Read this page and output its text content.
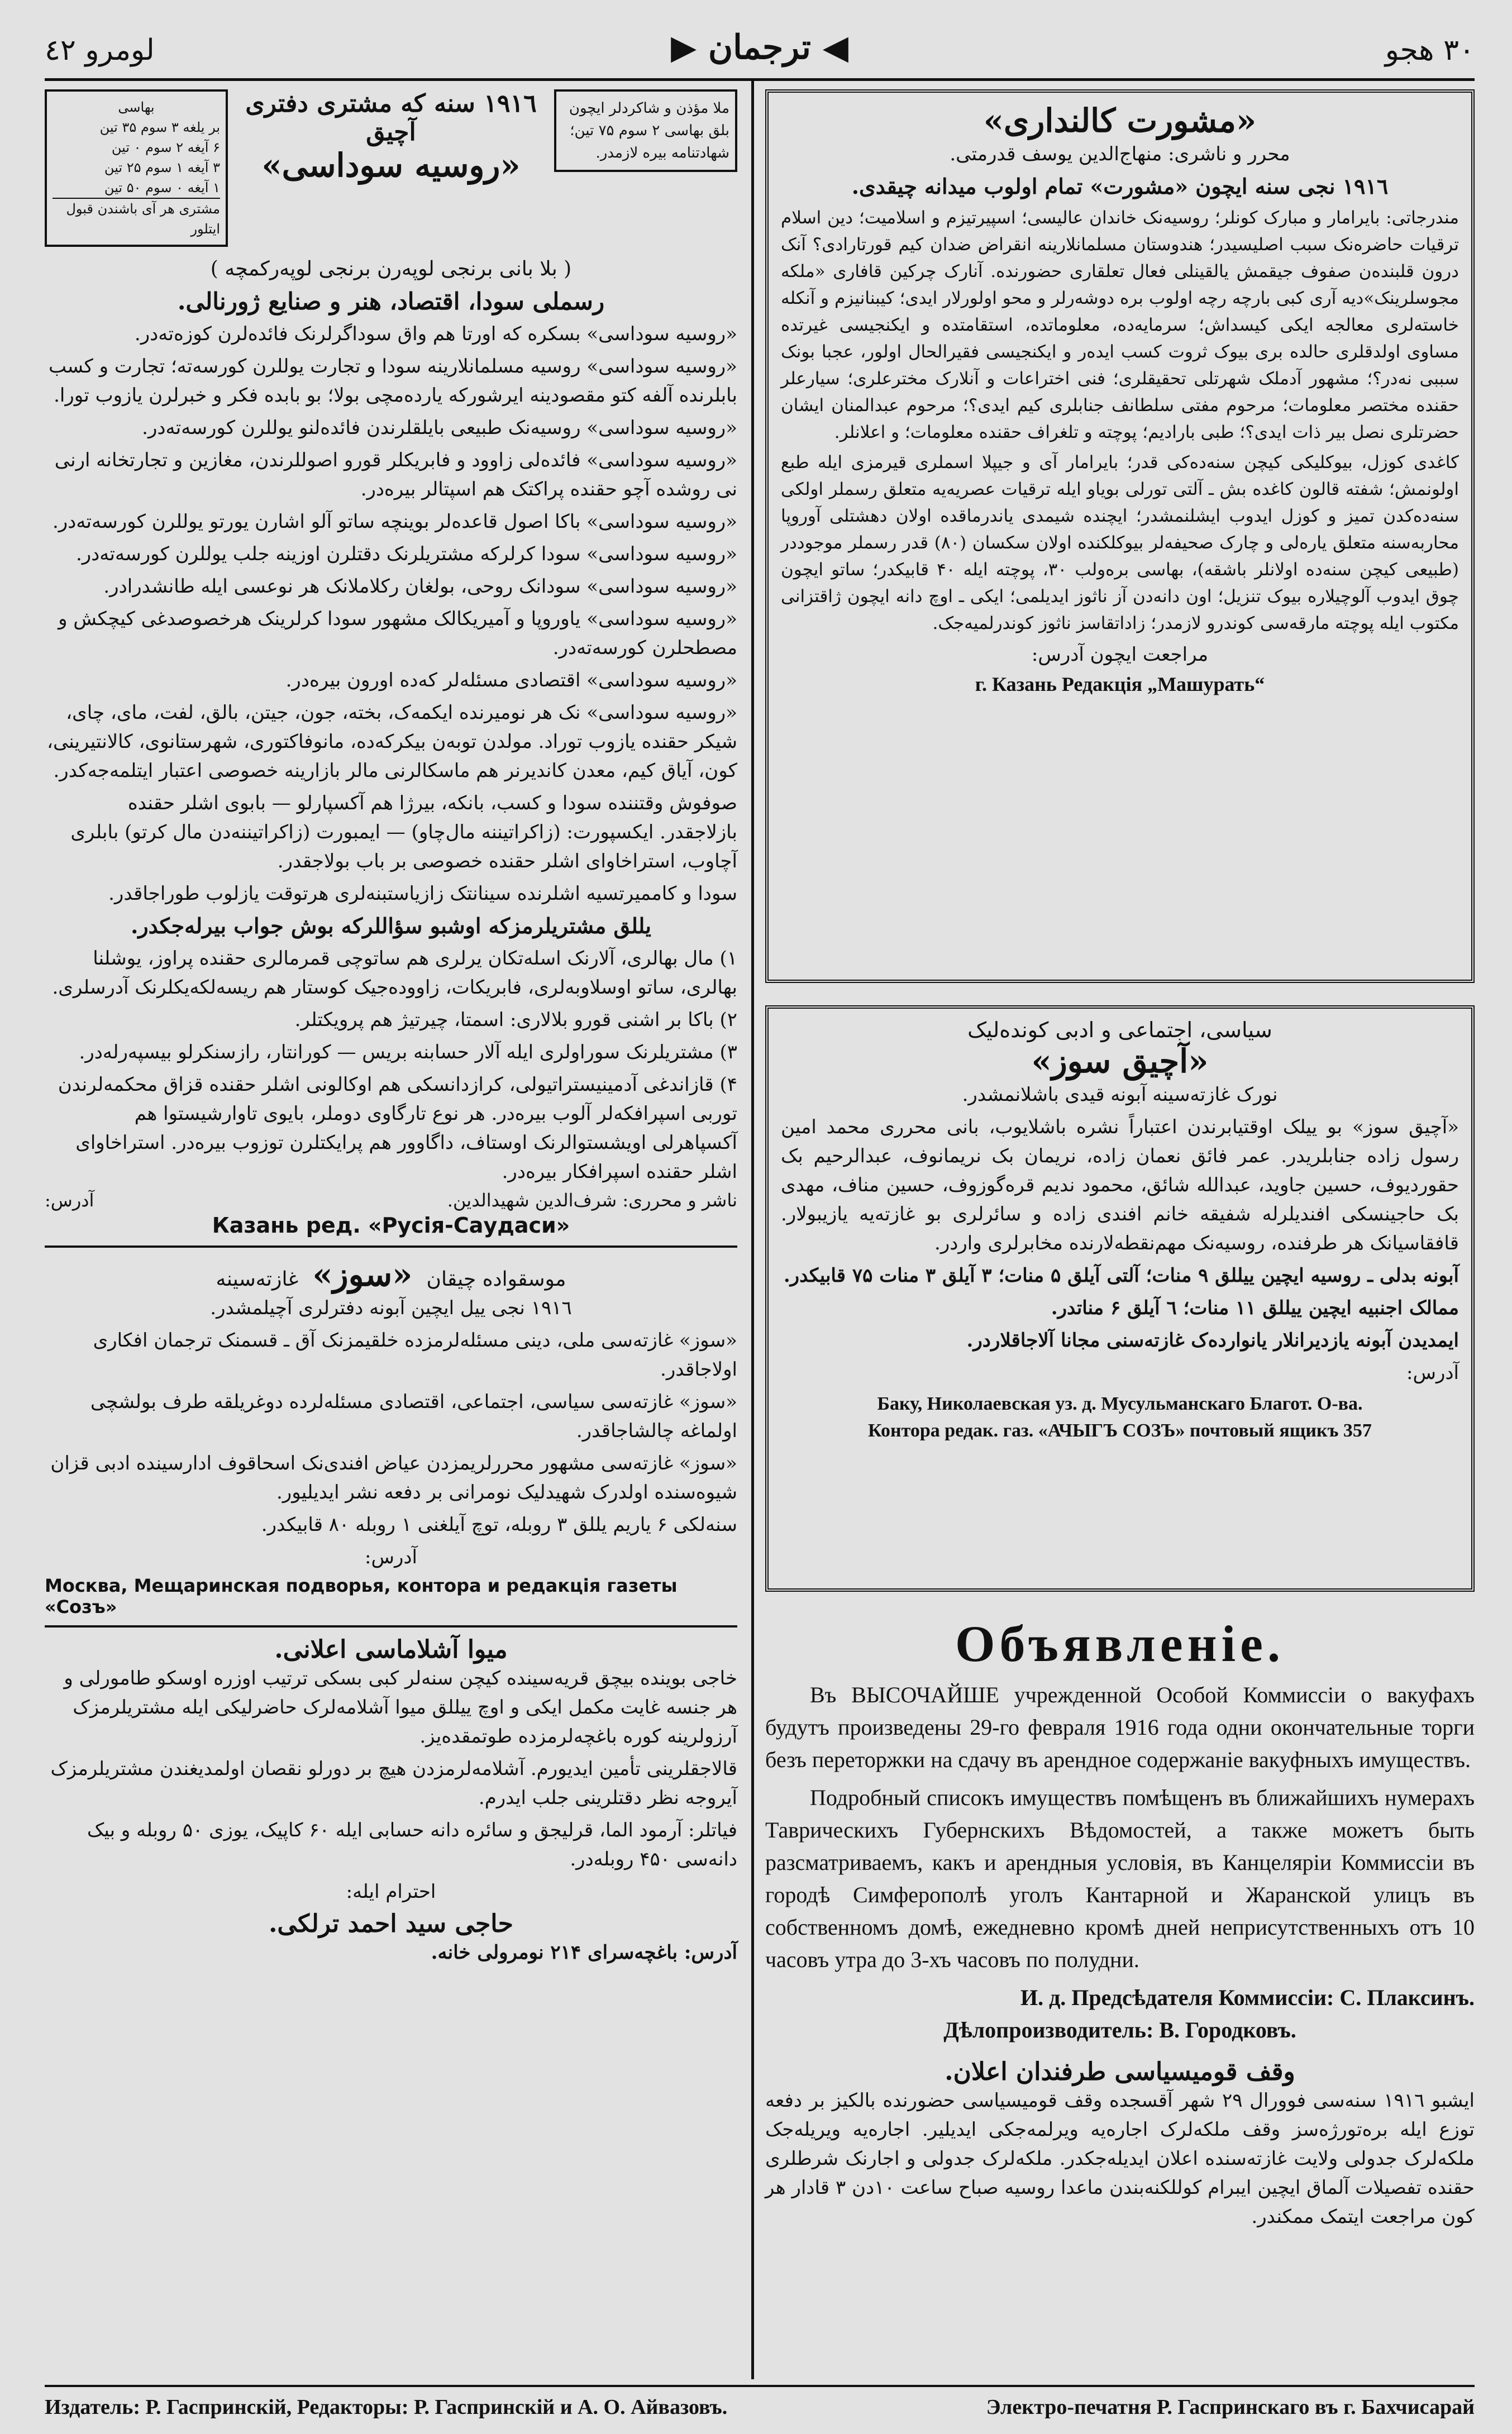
لومرو ٤٢	◀ ترجمان ▶	۳۰ هجو
ملا مؤذن و شاکردلر ایچون بلق بهاسی ۲ سوم ۷۵ تین؛ شهادتنامه بیره لازمدر.
۱۹۱٦ سنه که مشتری دفتری
آچیق
«روسیه سوداسی»
بهاسی
بر یلغه ۳ سوم ۳۵ تین
۶ آیغه ۲ سوم ۰ تین
۳ آیغه ۱ سوم ۲۵ تین
۱ آیغه ۰ سوم ۵۰ تین
مشتری هر آی باشندن قبول ایتلور
( بلا بانی برنجی لوپه‌رن برنجی لوپه‌رکمچه )
رسملی سودا، اقتصاد، هنر و صنایع ژورنالی.

«روسیه سوداسی» بسکره که اورتا هم واق سوداگرلرنک فائده‌لرن کوزه‌ته‌در.

«روسیه سوداسی» روسیه مسلمانلارینه سودا و تجارت یوللرن کورسه‌ته؛ تجارت و کسب بابلرنده آلفه کتو مقصودینه ایرشورکه یارده‌مچی بولا؛ بو بابده فکر و خبرلرن یازوب تورا.

«روسیه سوداسی» روسیه‌نک طبیعی بایلقلرندن فائده‌لنو یوللرن کورسه‌ته‌در.

«روسیه سوداسی» فائده‌لی زاوود و فابریکلر قورو اصوللرندن، مغازین و تجارتخانه ارنی نی روشده آچو حقنده پراکتک هم اسپتالر بیره‌در.

«روسیه سوداسی» باکا اصول قاعده‌لر بوینچه ساتو آلو اشارن یورتو یوللرن کورسه‌ته‌در.

«روسیه سوداسی» سودا کرلرکه مشتریلرنک دقتلرن اوزینه جلب یوللرن کورسه‌ته‌در.

«روسیه سوداسی» سودانک روحی، بولغان رکلاملانک هر نوعسی ایله طانشدرادر.

«روسیه سوداسی» یاوروپا و آمیریکالک مشهور سودا کرلرینک هرخصوصدغی کیچکش و مصطحلرن کورسه‌ته‌در.

«روسیه سوداسی» اقتصادی مسئله‌لر که‌ده اورون بیره‌در.

«روسیه سوداسی» نک هر نومیرنده ایکمه‌ک، بخته، جون، جیتن، بالق، لفت، مای، چای، شیکر حقنده یازوب توراد. مولدن توبه‌ن بیکرکه‌ده، مانوفاکتوری، شهرستانوی، کالانتیرینی، کون، آیاق کیم، معدن کاندیرنر هم ماسکالرنی مالر بازارینه خصوصی اعتبار ایتلمه‌جه‌کدر.

صوفوش وقتننده سودا و کسب، بانکه، بیرژا هم آکسپارلو — بابوی اشلر حقنده بازلاجقدر. ایکسپورت: (زاکراتیننه مال‌چاو) — ایمبورت (زاکراتیننه‌دن مال کرتو) بابلری آچاوب، استراخاوای اشلر حقنده خصوصی بر باب بولاجقدر.

سودا و کاممیرتسیه اشلرنده سینانتک زازیاستبنه‌لری هرتوقت یازلوب طوراجاقدر.

یللق مشتریلرمزکه اوشبو سؤاللرکه بوش جواب بیرله‌جکدر.

۱) مال بهالری، آلارنک اسله‌تکان یرلری هم ساتوچی قمرمالری حقنده پراوز، یوشلنا بهالری، ساتو اوسلاوبه‌لری، فابریکات، زاووده‌جیک کوستار هم ریسه‌لکه‌یکلرنک آدرسلری.

۲) باکا بر اشنی قورو بلالاری: اسمتا، چیرتیژ هم پرویکتلر.

۳) مشتریلرنک سوراولری ایله آلار حسابنه بریس — کورانتار، رازسنکرلو بیسپه‌رله‌در.

۴) قازاندغی آدمینیستراتیولی، کرازدانسکی هم اوکالونی اشلر حقنده قزاق محکمه‌لرندن توربی اسپرافکه‌لر آلوب بیره‌در. هر نوع تارگاوی دوملر، بایوی تاوارشیستوا هم آکسپاهرلی اویشستوالرنک اوستاف، داگاوور هم پرایکتلرن توزوب بیره‌در. استراخاوای اشلر حقنده اسپرافکار بیره‌در.

ناشر و محرری: شرف‌الدین شهیدالدین.
آدرس:
Казань ред. «Русія-Саудаси»
موسقواده چیقان «سوز» غازته‌سینه
۱۹۱٦ نجی ییل ایچین آبونه دفترلری آچیلمشدر.

«سوز» غازته‌سی ملی، دینی مسئله‌لرمزده خلقیمزنک آق ـ قسمنک ترجمان افکاری اولاجاقدر.

«سوز» غازته‌سی سیاسی، اجتماعی، اقتصادی مسئله‌لرده دوغریلقه طرف بولشچی اولماغه چالشاجاقدر.

«سوز» غازته‌سی مشهور محررلریمزدن عیاض افندی‌نک اسحاقوف ادارسینده ادبی قزان شیوه‌سنده اولدرک شهیدلیک نومرانی بر دفعه نشر ایدیلیور.

سنه‌لکی ۶ یاریم یللق ۳ روبله، توچ آیلغنی ۱ روبله ۸۰ قابیکدر.

آدرس:
Москва, Мещаринская подворья, контора и редакція газеты «Созъ»
میوا آشلاماسی اعلانی.

خاجی بوینده بیچق قریه‌سینده کیچن سنه‌لر کبی بسکی ترتیب اوزره اوسکو طامورلی و هر جنسه غایت مکمل ایکی و اوچ ییللق میوا آشلامه‌لرک حاضرلیکی ایله مشتریلرمزک آرزولرینه کوره باغچه‌لرمزده طوتمقده‌یز.

قالاجقلرینی تأمین ایدیورم. آشلامه‌لرمزدن هیچ بر دورلو نقصان اولمدیغندن مشتریلرمزک آیروجه نظر دقتلرینی جلب ایدرم.

فیاتلر: آرمود الما، قرلیجق و سائره دانه حسابی ایله ۶۰ کاپیک، یوزی ۵۰ روبله و بیک دانه‌سی ۴۵۰ روبله‌در.

احترام ایله:
حاجی سید احمد ترلکی.
آدرس: باغچه‌سرای ۲۱۴ نومرولی خانه.
«مشورت کالنداری»
محرر و ناشری: منهاج‌الدین یوسف قدرمتی.
۱۹۱٦ نجی سنه ایچون «مشورت» تمام اولوب میدانه چیقدی.

مندرجاتی: بایرامار و مبارک کونلر؛ روسیه‌نک خاندان عالیسی؛ اسپیرتیزم و اسلامیت؛ دین اسلام ترقیات حاضره‌نک سبب اصلیسیدر؛ هندوستان مسلمانلارینه انقراض ضدان کیم قورتارادی؟ آنک درون قلبنده‌ن صفوف جیقمش یالقینلی فعال تعلقاری حضورنده. آنارک چرکین قافاری «ملکه مجوسلرینک»دیه آری کبی بارچه رچه اولوب بره دوشه‌رلر و محو اولورلار ایدی؛ کیبنانیزم و آنکله خاسته‌لری معالجه ایکی کیسداش؛ سرمایه‌ده، معلوماتده، استقامتده و ایکنجیسی غیرتده مساوی اولدقلری حالده بری بیوک ثروت کسب ایده‌ر و ایکنجیسی فقیرالحال اولور، عجبا بونک سببی نه‌در؟؛ مشهور آدملک شهرتلی تحقیقلری؛ فنی اختراعات و آنلارک مخترعلری؛ سیارعلر حقنده مختصر معلومات؛ مرحوم مفتی سلطانف جنابلری کیم ایدی؟؛ مرحوم عبدالمنان ایشان حضرتلری نصل بیر ذات ایدی؟؛ طبی بارادیم؛ پوچته و تلغراف حقنده معلومات؛ و اعلانلر.

کاغدی کوزل، بیوکلیکی کیچن سنه‌ده‌کی قدر؛ بایرامار آی و جیپلا اسملری قیرمزی ایله طبع اولونمش؛ شفته قالون کاغده بش ـ آلتی تورلی بویاو ایله ترقیات عصریه‌یه متعلق رسملر اولکی سنه‌ده‌کدن تمیز و کوزل ایدوب ایشلنمشدر؛ ایچنده شیمدی یاندرماقده اولان دهشتلی آوروپا محاربه‌سنه متعلق یاره‌لی و چارک صحیفه‌لر بیوکلکنده اولان سکسان (۸۰) قدر رسملر موجوددر (طبیعی کیچن سنه‌ده اولانلر باشقه)، بهاسی بره‌ولب ۳۰، پوچته ایله ۴۰ قابیکدر؛ ساتو ایچون چوق ایدوب آلوچیلاره بیوک تنزیل؛ اون دانه‌دن آز ناثوز ایدیلمی؛ ایکی ـ اوچ دانه ایچون ژاقتزانی مکتوب ایله پوچته مارقه‌سی کوندرو لازمدر؛ زاداتقاسز ناثوز کوندرلمیه‌جک.

مراجعت ایچون آدرس:
г. Казань Редакція „Машурать“
سیاسی، اجتماعی و ادبی کونده‌لیک
«آچیق سوز»
نورک غازته‌سینه آبونه قیدی باشلانمشدر.

«آچیق سوز» بو ییلک اوقتیابرندن اعتباراً نشره باشلایوب، بانی محرری محمد امین رسول زاده جنابلریدر. عمر فائق نعمان زاده، نریمان بک نریمانوف، عبدالرحیم بک حقوردیوف، حسین جاوید، عبدالله شائق، محمود ندیم قره‌گوزوف، حسین مناف، مهدی بک حاجینسکی افندیلرله شفیقه خانم افندی زاده و سائرلری بو غازته‌یه یازیبولار. قافقاسیانک هر طرفنده، روسیه‌نک مهم‌نقطه‌لارنده مخابرلری واردر.

آبونه بدلی ـ روسیه ایچین ییللق ۹ منات؛ آلتی آیلق ۵ منات؛ ۳ آیلق ۳ منات ۷۵ قابیکدر.

ممالک اجنبیه ایچین ییللق ۱۱ منات؛ ٦ آیلق ۶ مناتدر.

ایمدیدن آبونه یازدیرانلار یانوارده‌ک غازته‌سنی مجانا آلاجاقلاردر.

آدرس:
Баку, Николаевская уз. д. Мусульманскаго Благот. О-ва.
Контора редак. газ. «АЧЫГЪ СОЗЪ» почтовый ящикъ 357
Объявленіе.

Въ ВЫСОЧАЙШЕ учрежденной Особой Коммиссіи о вакуфахъ будутъ произведены 29-го февраля 1916 года одни окончательные торги безъ переторжки на сдачу въ арендное содержаніе вакуфныхъ имуществъ.

Подробный списокъ имуществъ помѣщенъ въ ближайшихъ нумерахъ Таврическихъ Губернскихъ Вѣдомостей, а также можетъ быть разсматриваемъ, какъ и арендныя условія, въ Канцеляріи Коммиссіи въ городѣ Симферополѣ уголъ Кантарной и Жаранской улицъ въ собственномъ домѣ, ежедневно кромѣ дней неприсутственныхъ отъ 10 часовъ утра до 3-хъ часовъ по полудни.

И. д. Предсѣдателя Коммиссіи: С. Плаксинъ.
Дѣлопроизводитель: В. Городковъ.
وقف قومیسیاسی طرفندان اعلان.

ایشبو ۱۹۱٦ سنه‌سی فوورال ۲۹ شهر آقسجده وقف قومیسیاسی حضورنده بالکیز بر دفعه توزع ایله بره‌تورژه‌سز وقف ملکه‌لرک اجاره‌یه ویرلمه‌جکی ایدیلیر. اجاره‌یه ویریله‌جک ملکه‌لرک جدولی ولایت غازته‌سنده اعلان ایدیله‌جکدر. ملکه‌لرک جدولی و اجارنک شرطلری حقنده تفصیلات آلماق ایچین ایبرام کوللکنه‌بندن ماعدا روسیه صباح ساعت ۱۰دن ۳ قادار هر کون مراجعت ایتمک ممکندر.

Издатель: Р. Гаспринскій, Редакторы: Р. Гаспринскій и А. О. Айвазовъ.	Электро-печатня Р. Гаспринскаго въ г. Бахчисарай
